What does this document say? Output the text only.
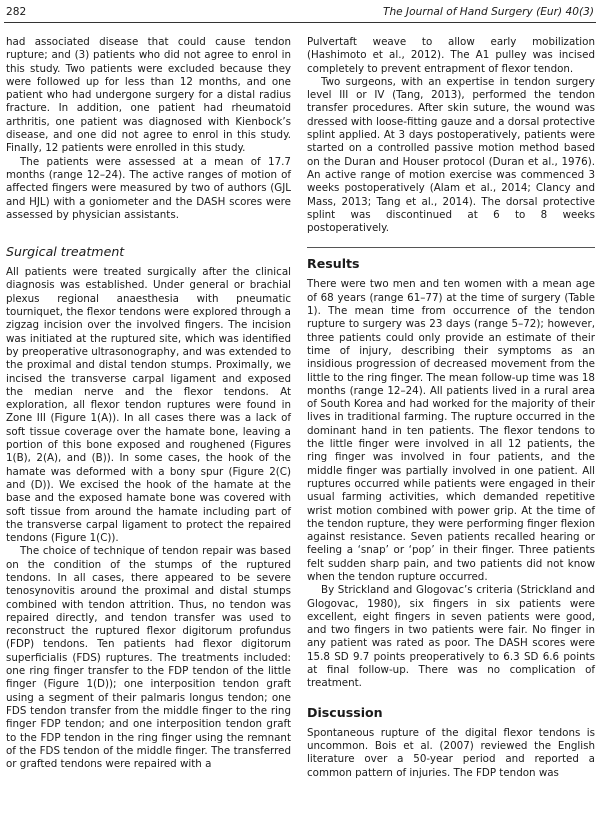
282	The Journal of Hand Surgery (Eur) 40(3)

had associated disease that could cause tendon rupture; and (3) patients who did not agree to enrol in this study. Two patients were excluded because they were followed up for less than 12 months, and one patient who had undergone surgery for a distal radius fracture. In addition, one patient had rheumatoid arthritis, one patient was diagnosed with Kienbock’s disease, and one did not agree to enrol in this study. Finally, 12 patients were enrolled in this study.

The patients were assessed at a mean of 17.7 months (range 12–24). The active ranges of motion of affected fingers were measured by two of authors (GJL and HJL) with a goniometer and the DASH scores were assessed by physician assistants.

Surgical treatment

All patients were treated surgically after the clinical diagnosis was established. Under general or brachial plexus regional anaesthesia with pneumatic tourniquet, the flexor tendons were explored through a zigzag incision over the involved fingers. The incision was initiated at the ruptured site, which was identified by preoperative ultrasonography, and was extended to the proximal and distal tendon stumps. Proximally, we incised the transverse carpal ligament and exposed the median nerve and the flexor tendons. At exploration, all flexor tendon ruptures were found in Zone III (Figure 1(A)). In all cases there was a lack of soft tissue coverage over the hamate bone, leaving a portion of this bone exposed and roughened (Figures 1(B), 2(A), and (B)). In some cases, the hook of the hamate was deformed with a bony spur (Figure 2(C) and (D)). We excised the hook of the hamate at the base and the exposed hamate bone was covered with soft tissue from around the hamate including part of the transverse carpal ligament to protect the repaired tendons (Figure 1(C)).

The choice of technique of tendon repair was based on the condition of the stumps of the ruptured tendons. In all cases, there appeared to be severe tenosynovitis around the proximal and distal stumps combined with tendon attrition. Thus, no tendon was repaired directly, and tendon transfer was used to reconstruct the ruptured flexor digitorum profundus (FDP) tendons. Ten patients had flexor digitorum superficialis (FDS) ruptures. The treatments included: one ring finger transfer to the FDP tendon of the little finger (Figure 1(D)); one interposition tendon graft using a segment of their palmaris longus tendon; one FDS tendon transfer from the middle finger to the ring finger FDP tendon; and one interposition tendon graft to the FDP tendon in the ring finger using the remnant of the FDS tendon of the middle finger. The transferred or grafted tendons were repaired with a

Pulvertaft weave to allow early mobilization (Hashimoto et al., 2012). The A1 pulley was incised completely to prevent entrapment of flexor tendon.

Two surgeons, with an expertise in tendon surgery level III or IV (Tang, 2013), performed the tendon transfer procedures. After skin suture, the wound was dressed with loose-fitting gauze and a dorsal protective splint applied. At 3 days postoperatively, patients were started on a controlled passive motion method based on the Duran and Houser protocol (Duran et al., 1976). An active range of motion exercise was commenced 3 weeks postoperatively (Alam et al., 2014; Clancy and Mass, 2013; Tang et al., 2014). The dorsal protective splint was discontinued at 6 to 8 weeks postoperatively.

Results

There were two men and ten women with a mean age of 68 years (range 61–77) at the time of surgery (Table 1). The mean time from occurrence of the tendon rupture to surgery was 23 days (range 5–72); however, three patients could only provide an estimate of their time of injury, describing their symptoms as an insidious progression of decreased movement from the little to the ring finger. The mean follow-up time was 18 months (range 12–24). All patients lived in a rural area of South Korea and had worked for the majority of their lives in traditional farming. The rupture occurred in the dominant hand in ten patients. The flexor tendons to the little finger were involved in all 12 patients, the ring finger was involved in four patients, and the middle finger was partially involved in one patient. All ruptures occurred while patients were engaged in their usual farming activities, which demanded repetitive wrist motion combined with power grip. At the time of the tendon rupture, they were performing finger flexion against resistance. Seven patients recalled hearing or feeling a ‘snap’ or ‘pop’ in their finger. Three patients felt sudden sharp pain, and two patients did not know when the tendon rupture occurred.

By Strickland and Glogovac’s criteria (Strickland and Glogovac, 1980), six fingers in six patients were excellent, eight fingers in seven patients were good, and two fingers in two patients were fair. No finger in any patient was rated as poor. The DASH scores were 15.8 SD 9.7 points preoperatively to 6.3 SD 6.6 points at final follow-up. There was no complication of treatment.

Discussion

Spontaneous rupture of the digital flexor tendons is uncommon. Bois et al. (2007) reviewed the English literature over a 50-year period and reported a common pattern of injuries. The FDP tendon was
